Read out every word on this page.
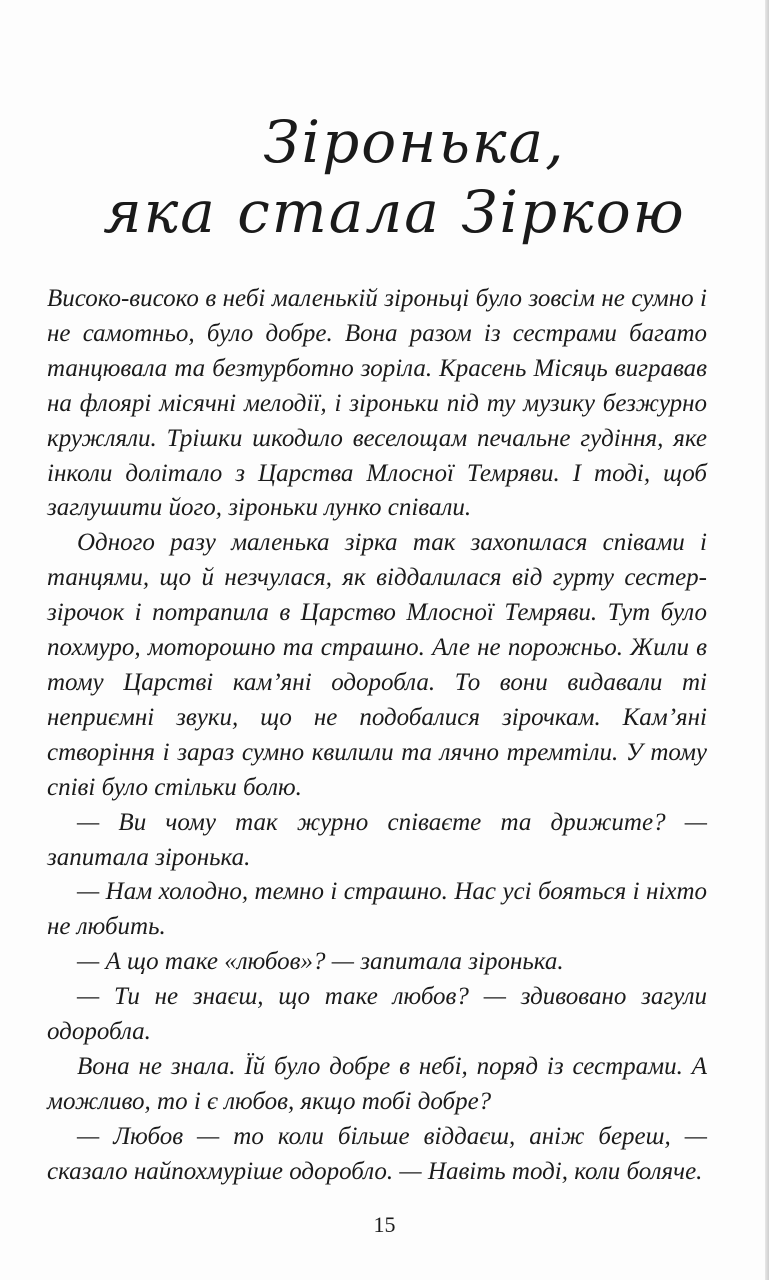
Зіронька,
яка стала Зіркою

Високо-високо в небі маленькій зіроньці було зовсім не сумно і не самотньо, було добре. Вона разом із сестрами багато танцювала та безтурботно зоріла. Красень Місяць вигравав на флоярі місячні мелодії, і зіроньки під ту музику безжурно кружляли. Трішки шкодило веселощам печальне гудіння, яке інколи долітало з Царства Млосної Темряви. І тоді, щоб заглушити його, зіроньки лунко співали.

Одного разу маленька зірка так захопилася співами і танцями, що й незчулася, як віддалилася від гурту сестер-зірочок і потрапила в Царство Млосної Темряви. Тут було похмуро, моторошно та страшно. Але не порожньо. Жили в тому Царстві кам’яні одоробла. То вони видавали ті неприємні звуки, що не подобалися зірочкам. Кам’яні створіння і зараз сумно квилили та лячно тремтіли. У тому співі було стільки болю.

— Ви чому так журно співаєте та дрижите? — запитала зіронька.

— Нам холодно, темно і страшно. Нас усі бояться і ніхто не любить.

— А що таке «любов»? — запитала зіронька.

— Ти не знаєш, що таке любов? — здивовано загули одоробла.

Вона не знала. Їй було добре в небі, поряд із сестрами. А можливо, то і є любов, якщо тобі добре?

— Любов — то коли більше віддаєш, аніж береш, — сказало найпохмуріше одоробло. — Навіть тоді, коли боляче.

15
